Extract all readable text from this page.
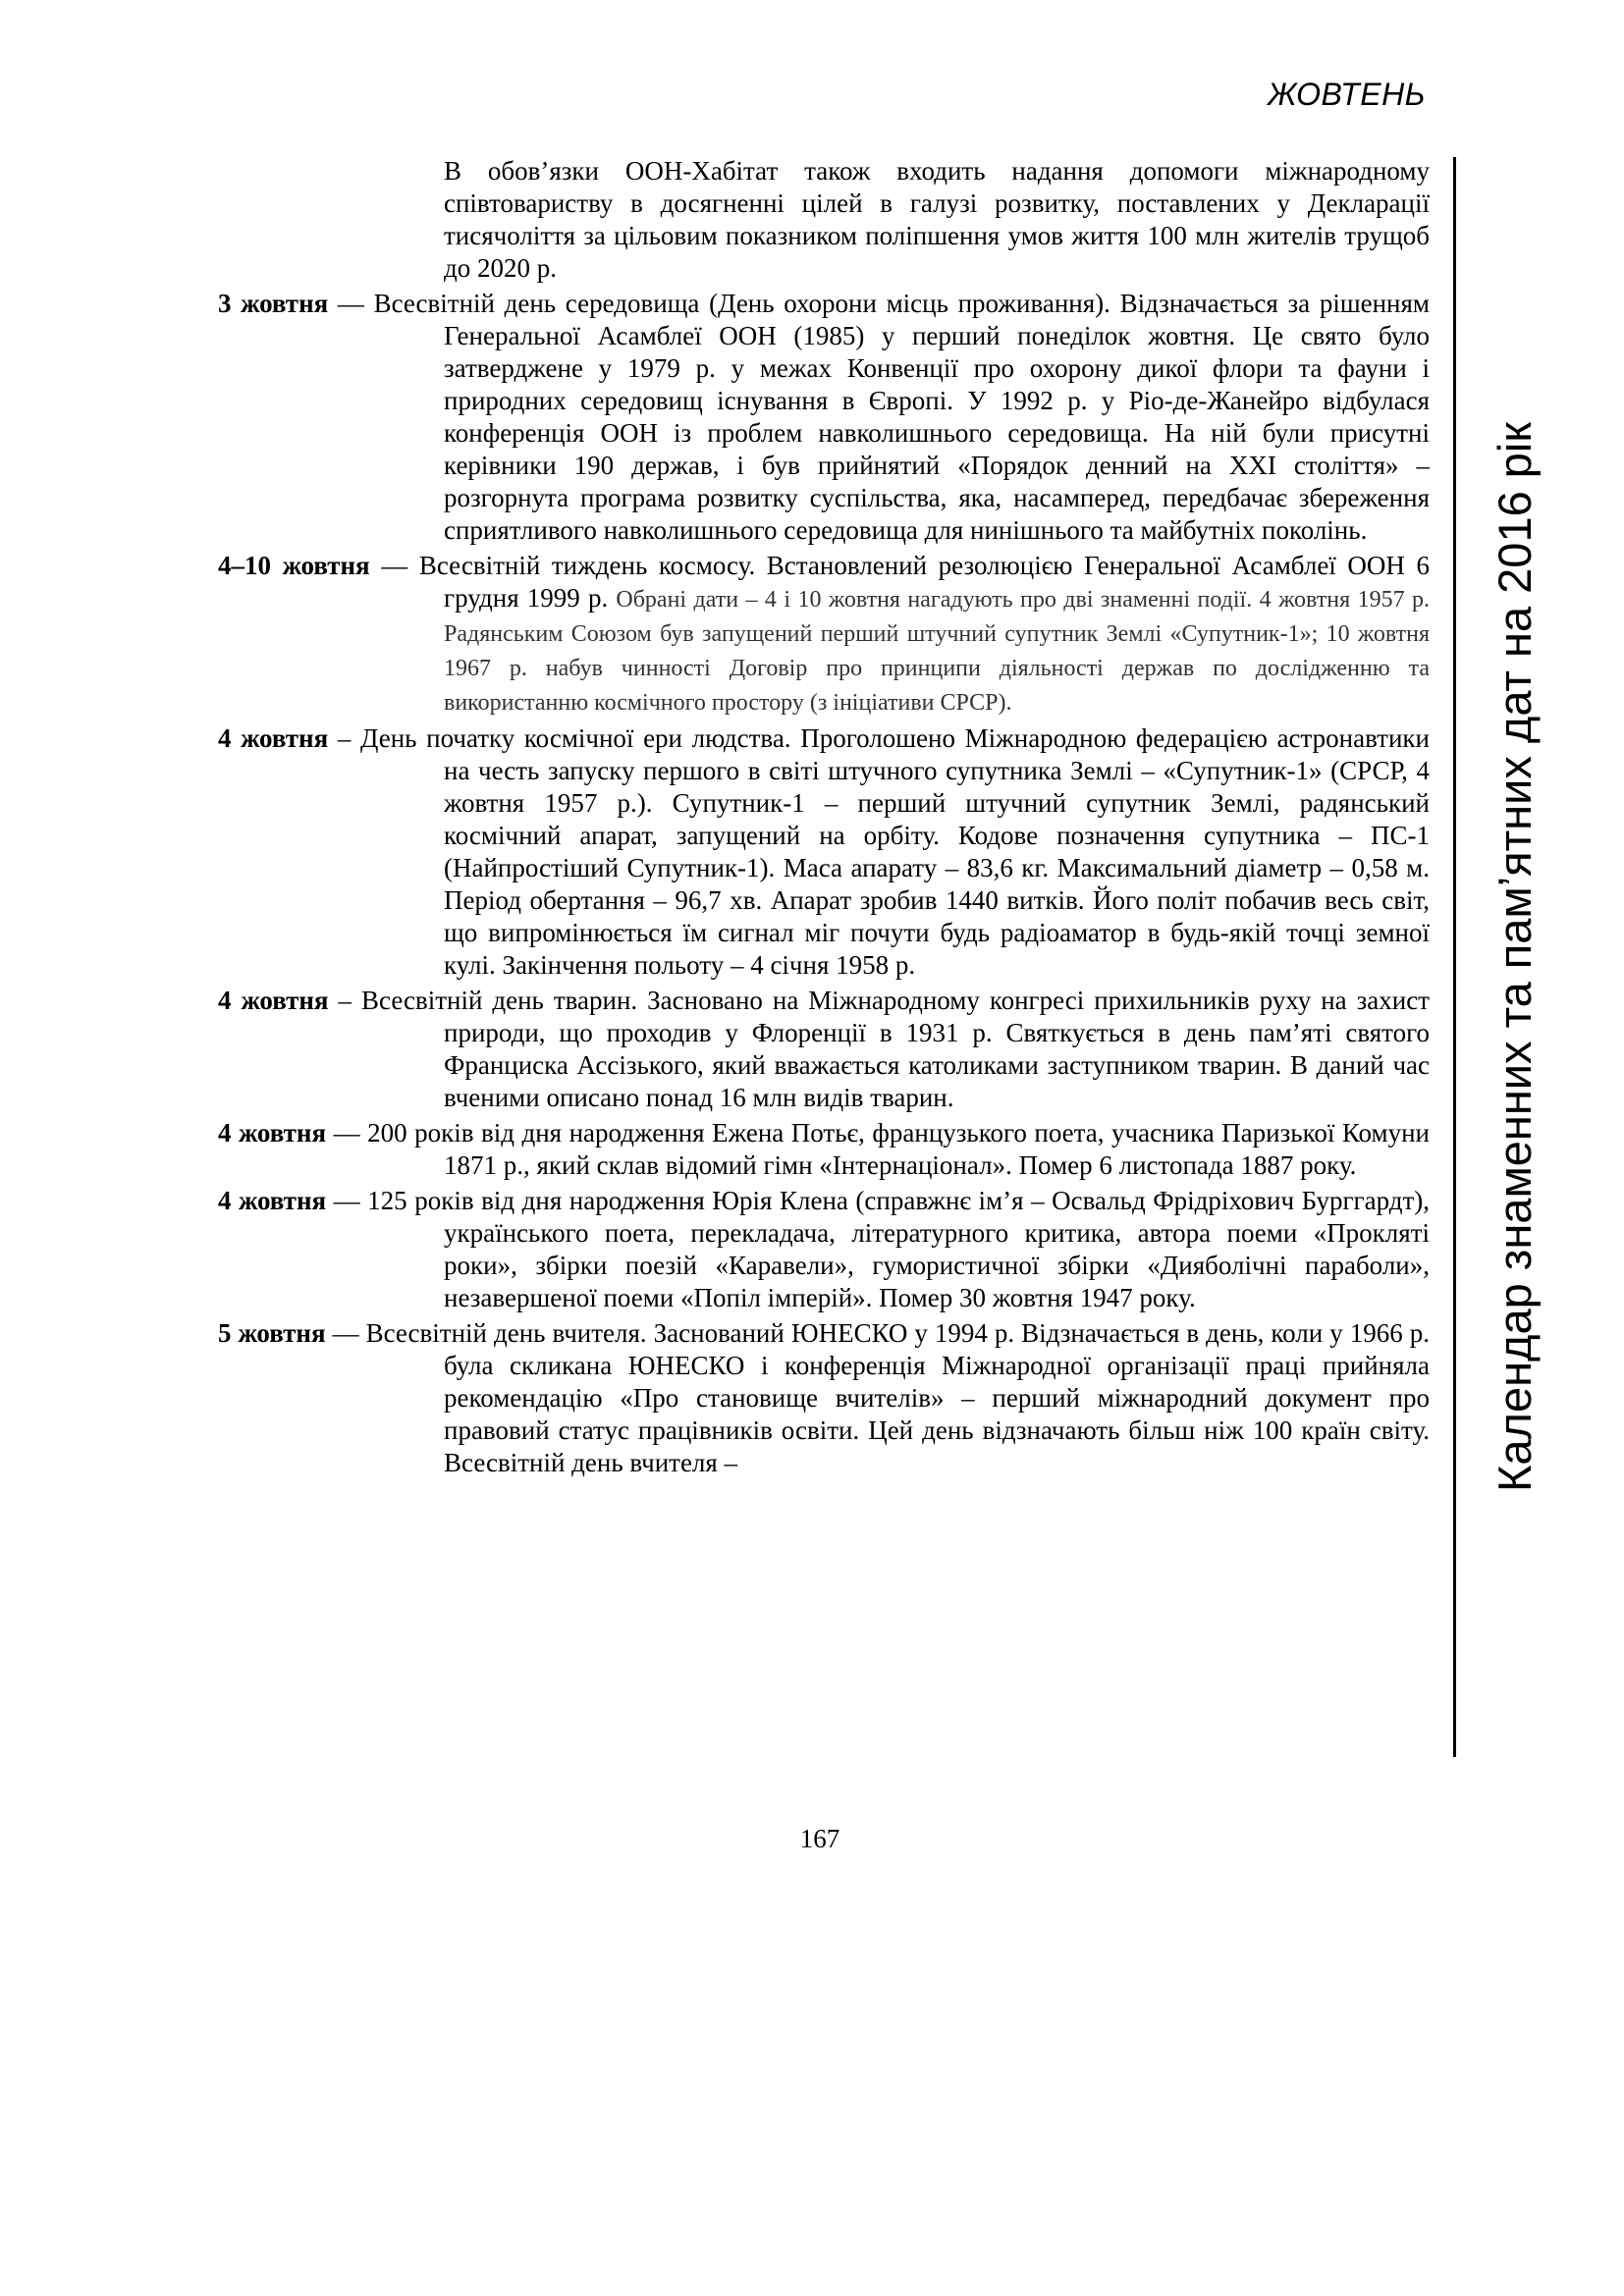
ЖОВТЕНЬ
Календар знаменних та пам’ятних дат на 2016 рік

В обов’язки ООН-Хабітат також входить надання допомоги міжнародному співтовариству в досягненні цілей в галузі розвитку, поставлених у Декларації тисячоліття за цільовим показником поліпшення умов життя 100 млн жителів трущоб до 2020 р.

3 жовтня — Всесвітній день середовища (День охорони місць проживання). Відзначається за рішенням Генеральної Асамблеї ООН (1985) у перший понеділок жовтня. Це свято було затверджене у 1979 р. у межах Конвенції про охорону дикої флори та фауни і природних середовищ існування в Європі. У 1992 р. у Ріо-де-Жанейро відбулася конференція ООН із проблем навколишнього середовища. На ній були присутні керівники 190 держав, і був прийнятий «Порядок денний на XXI століття» – розгорнута програма розвитку суспільства, яка, насамперед, передбачає збереження сприятливого навколишнього середовища для нинішнього та майбутніх поколінь.

4–10 жовтня — Всесвітній тиждень космосу. Встановлений резолюцією Генеральної Асамблеї ООН 6 грудня 1999 р. Обрані дати – 4 і 10 жовтня нагадують про дві знаменні події. 4 жовтня 1957 р. Радянським Союзом був запущений перший штучний супутник Землі «Супутник-1»; 10 жовтня 1967 р. набув чинності Договір про принципи діяльності держав по дослідженню та використанню космічного простору (з ініціативи СРСР).

4 жовтня – День початку космічної ери людства. Проголошено Міжнародною федерацією астронавтики на честь запуску першого в світі штучного супутника Землі – «Супутник-1» (СРСР, 4 жовтня 1957 р.). Супутник-1 – перший штучний супутник Землі, радянський космічний апарат, запущений на орбіту. Кодове позначення супутника – ПС-1 (Найпростіший Супутник-1). Маса апарату – 83,6 кг. Максимальний діаметр – 0,58 м. Період обертання – 96,7 хв. Апарат зробив 1440 витків. Його політ побачив весь світ, що випромінюється їм сигнал міг почути будь радіоаматор в будь-якій точці земної кулі. Закінчення польоту – 4 січня 1958 р.

4 жовтня – Всесвітній день тварин. Засновано на Міжнародному конгресі прихильників руху на захист природи, що проходив у Флоренції в 1931 р. Святкується в день пам’яті святого Франциска Ассізького, який вважається католиками заступником тварин. В даний час вченими описано понад 16 млн видів тварин.

4 жовтня — 200 років від дня народження Ежена Потьє, французького поета, учасника Паризької Комуни 1871 р., який склав відомий гімн «Інтернаціонал». Помер 6 листопада 1887 року.

4 жовтня — 125 років від дня народження Юрія Клена (справжнє ім’я – Освальд Фрідріхович Бурггардт), українського поета, перекладача, літературного критика, автора поеми «Прокляті роки», збірки поезій «Каравели», гумористичної збірки «Дияболічні параболи», незавершеної поеми «Попіл імперій». Помер 30 жовтня 1947 року.

5 жовтня — Всесвітній день вчителя. Заснований ЮНЕСКО у 1994 р. Відзначається в день, коли у 1966 р. була скликана ЮНЕСКО і конференція Міжнародної організації праці прийняла рекомендацію «Про становище вчителів» – перший міжнародний документ про правовий статус працівників освіти. Цей день відзначають більш ніж 100 країн світу. Всесвітній день вчителя –

167
